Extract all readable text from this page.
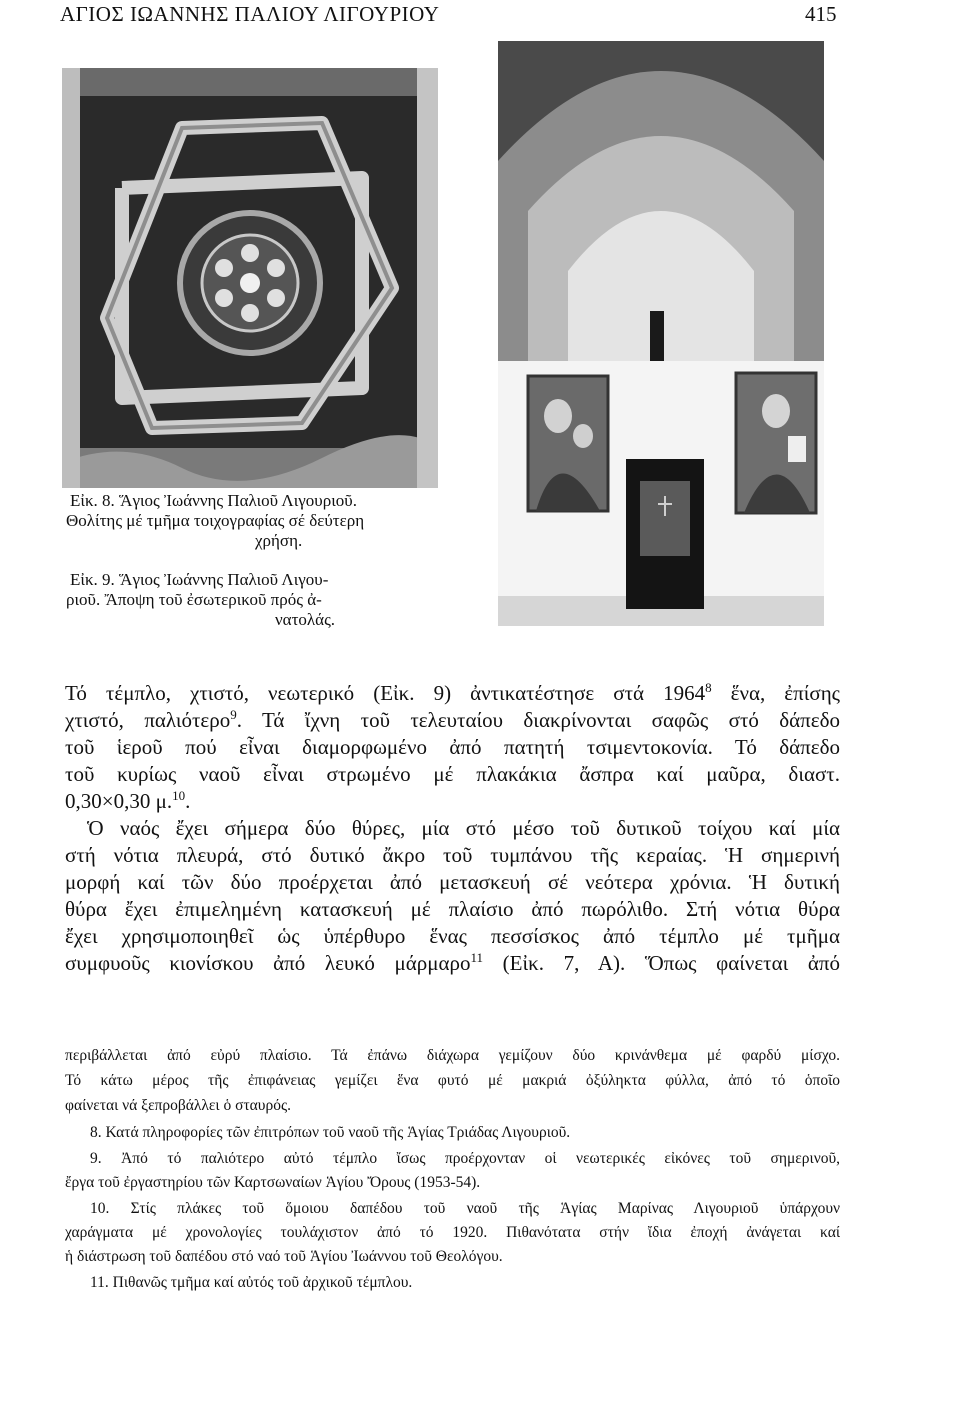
ΑΓΙΟΣ ΙΩΑΝΝΗΣ ΠΑΛΙΟΥ ΛΙΓΟΥΡΙΟΥ	415
Εἰκ. 8. Ἅγιος Ἰωάννης Παλιοῦ Λιγουριοῦ.
Θολίτης μέ τμῆμα τοιχογραφίας σέ δεύτερη
χρήση.
Εἰκ. 9. Ἅγιος Ἰωάννης Παλιοῦ Λιγου-
ριοῦ. Ἄποψη τοῦ ἐσωτερικοῦ πρός ἀ-
νατολάς.
Τό τέμπλο, χτιστό, νεωτερικό (Εἰκ. 9) ἀντικατέστησε στά 1964$^8$ ἕνα, ἐπίσης
χτιστό, παλιότερο$^9$. Τά ἴχνη τοῦ τελευταίου διακρίνονται σαφῶς στό δάπεδο
τοῦ ἱεροῦ πού εἶναι διαμορφωμένο ἀπό πατητή τσιμεντοκονία. Τό δάπεδο
τοῦ κυρίως ναοῦ εἶναι στρωμένο μέ πλακάκια ἄσπρα καί μαῦρα, διαστ.
0,30×0,30 μ.$^{10}$.
Ὁ ναός ἔχει σήμερα δύο θύρες, μία στό μέσο τοῦ δυτικοῦ τοίχου καί μία
στή νότια πλευρά, στό δυτικό ἄκρο τοῦ τυμπάνου τῆς κεραίας. Ἡ σημερινή
μορφή καί τῶν δύο προέρχεται ἀπό μετασκευή σέ νεότερα χρόνια. Ἡ δυτική
θύρα ἔχει ἐπιμελημένη κατασκευή μέ πλαίσιο ἀπό πωρόλιθο. Στή νότια θύρα
ἔχει χρησιμοποιηθεῖ ὡς ὑπέρθυρο ἕνας πεσσίσκος ἀπό τέμπλο μέ τμῆμα
συμφυοῦς κιονίσκου ἀπό λευκό μάρμαρο$^{11}$ (Εἰκ. 7, Α). Ὅπως φαίνεται ἀπό
περιβάλλεται ἀπό εὐρύ πλαίσιο. Τά ἐπάνω διάχωρα γεμίζουν δύο κρινάνθεμα μέ φαρδύ μίσχο.
Τό κάτω μέρος τῆς ἐπιφάνειας γεμίζει ἕνα φυτό μέ μακριά ὀξύληκτα φύλλα, ἀπό τό ὁποῖο
φαίνεται νά ξεπροβάλλει ὁ σταυρός.
8. Κατά πληροφορίες τῶν ἐπιτρόπων τοῦ ναοῦ τῆς Ἁγίας Τριάδας Λιγουριοῦ.
9. Ἀπό τό παλιότερο αὐτό τέμπλο ἴσως προέρχονταν οἱ νεωτερικές εἰκόνες τοῦ σημερινοῦ,
ἔργα τοῦ ἐργαστηρίου τῶν Καρτσωναίων Ἁγίου Ὄρους (1953-54).
10. Στίς πλάκες τοῦ ὅμοιου δαπέδου τοῦ ναοῦ τῆς Ἁγίας Μαρίνας Λιγουριοῦ ὑπάρχουν
χαράγματα μέ χρονολογίες τουλάχιστον ἀπό τό 1920. Πιθανότατα στήν ἴδια ἐποχή ἀνάγεται καί
ἡ διάστρωση τοῦ δαπέδου στό ναό τοῦ Ἁγίου Ἰωάννου τοῦ Θεολόγου.
11. Πιθανῶς τμῆμα καί αὐτός τοῦ ἀρχικοῦ τέμπλου.
